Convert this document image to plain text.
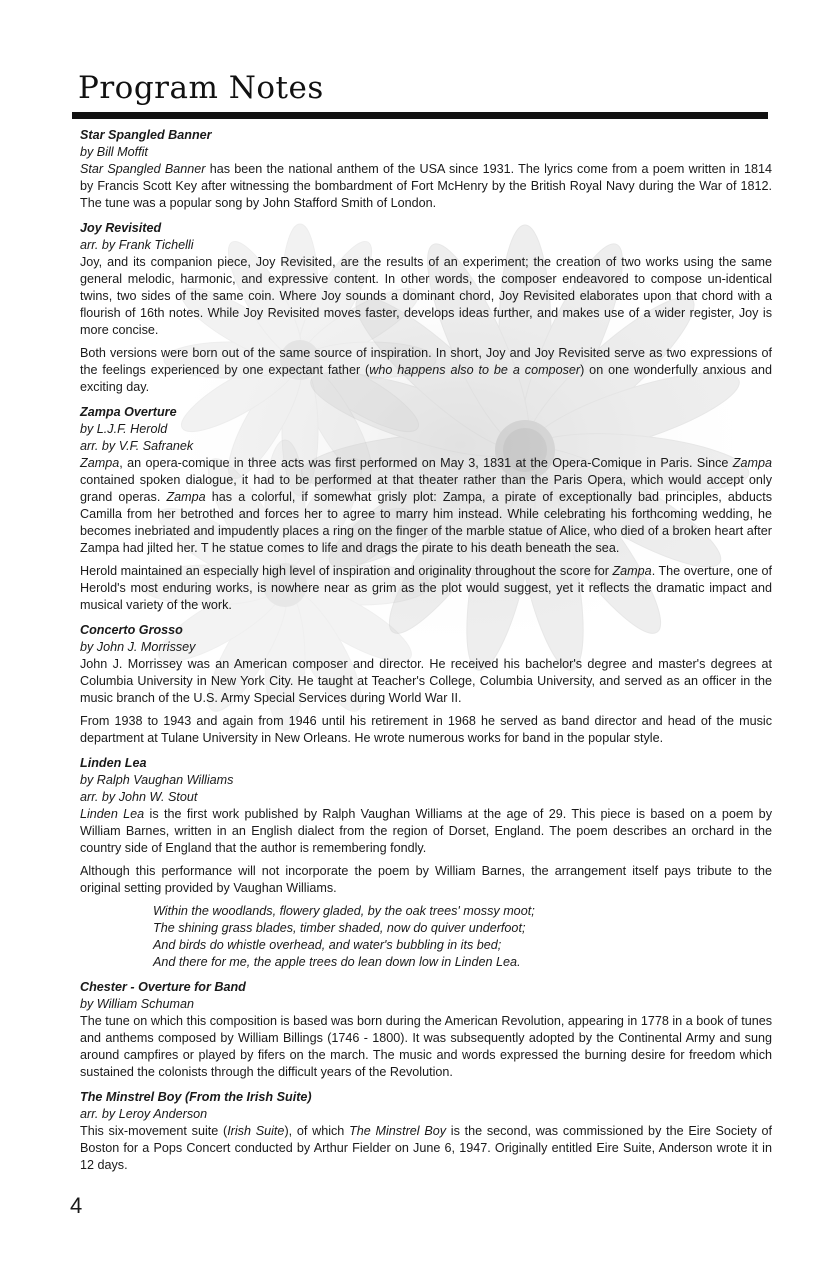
Program Notes
Star Spangled Banner
by Bill Moffit

Star Spangled Banner has been the national anthem of the USA since 1931. The lyrics come from a poem written in 1814 by Francis Scott Key after witnessing the bombardment of Fort McHenry by the British Royal Navy during the War of 1812. The tune was a popular song by John Stafford Smith of London.

Joy Revisited
arr. by Frank Tichelli

Joy, and its companion piece, Joy Revisited, are the results of an experiment; the creation of two works using the same general melodic, harmonic, and expressive content. In other words, the composer endeavored to compose un-identical twins, two sides of the same coin. Where Joy sounds a dominant chord, Joy Revisited elaborates upon that chord with a flourish of 16th notes. While Joy Revisited moves faster, develops ideas further, and makes use of a wider register, Joy is more concise.

Both versions were born out of the same source of inspiration. In short, Joy and Joy Revisited serve as two expressions of the feelings experienced by one expectant father (who happens also to be a composer) on one wonderfully anxious and exciting day.

Zampa Overture
by L.J.F. Herold
arr. by V.F. Safranek

Zampa, an opera-comique in three acts was first performed on May 3, 1831 at the Opera-Comique in Paris. Since Zampa contained spoken dialogue, it had to be performed at that theater rather than the Paris Opera, which would accept only grand operas. Zampa has a colorful, if somewhat grisly plot: Zampa, a pirate of exceptionally bad principles, abducts Camilla from her betrothed and forces her to agree to marry him instead. While celebrating his forthcoming wedding, he becomes inebriated and impudently places a ring on the finger of the marble statue of Alice, who died of a broken heart after Zampa had jilted her. T he statue comes to life and drags the pirate to his death beneath the sea.

Herold maintained an especially high level of inspiration and originality throughout the score for Zampa. The overture, one of Herold's most enduring works, is nowhere near as grim as the plot would suggest, yet it reflects the dramatic impact and musical variety of the work.

Concerto Grosso
by John J. Morrissey

John J. Morrissey was an American composer and director. He received his bachelor's degree and master's degrees at Columbia University in New York City. He taught at Teacher's College, Columbia University, and served as an officer in the music branch of the U.S. Army Special Services during World War II.

From 1938 to 1943 and again from 1946 until his retirement in 1968 he served as band director and head of the music department at Tulane University in New Orleans. He wrote numerous works for band in the popular style.

Linden Lea
by Ralph Vaughan Williams
arr. by John W. Stout

Linden Lea is the first work published by Ralph Vaughan Williams at the age of 29. This piece is based on a poem by William Barnes, written in an English dialect from the region of Dorset, England. The poem describes an orchard in the country side of England that the author is remembering fondly.

Although this performance will not incorporate the poem by William Barnes, the arrangement itself pays tribute to the original setting provided by Vaughan Williams.

Within the woodlands, flowery gladed, by the oak trees' mossy moot;
The shining grass blades, timber shaded, now do quiver underfoot;
And birds do whistle overhead, and water's bubbling in its bed;
And there for me, the apple trees do lean down low in Linden Lea.
Chester - Overture for Band
by William Schuman

The tune on which this composition is based was born during the American Revolution, appearing in 1778 in a book of tunes and anthems composed by William Billings (1746 - 1800). It was subsequently adopted by the Continental Army and sung around campfires or played by fifers on the march. The music and words expressed the burning desire for freedom which sustained the colonists through the difficult years of the Revolution.

The Minstrel Boy (From the Irish Suite)
arr. by Leroy Anderson

This six-movement suite (Irish Suite), of which The Minstrel Boy is the second, was commissioned by the Eire Society of Boston for a Pops Concert conducted by Arthur Fielder on June 6, 1947. Originally entitled Eire Suite, Anderson wrote it in 12 days.

4
